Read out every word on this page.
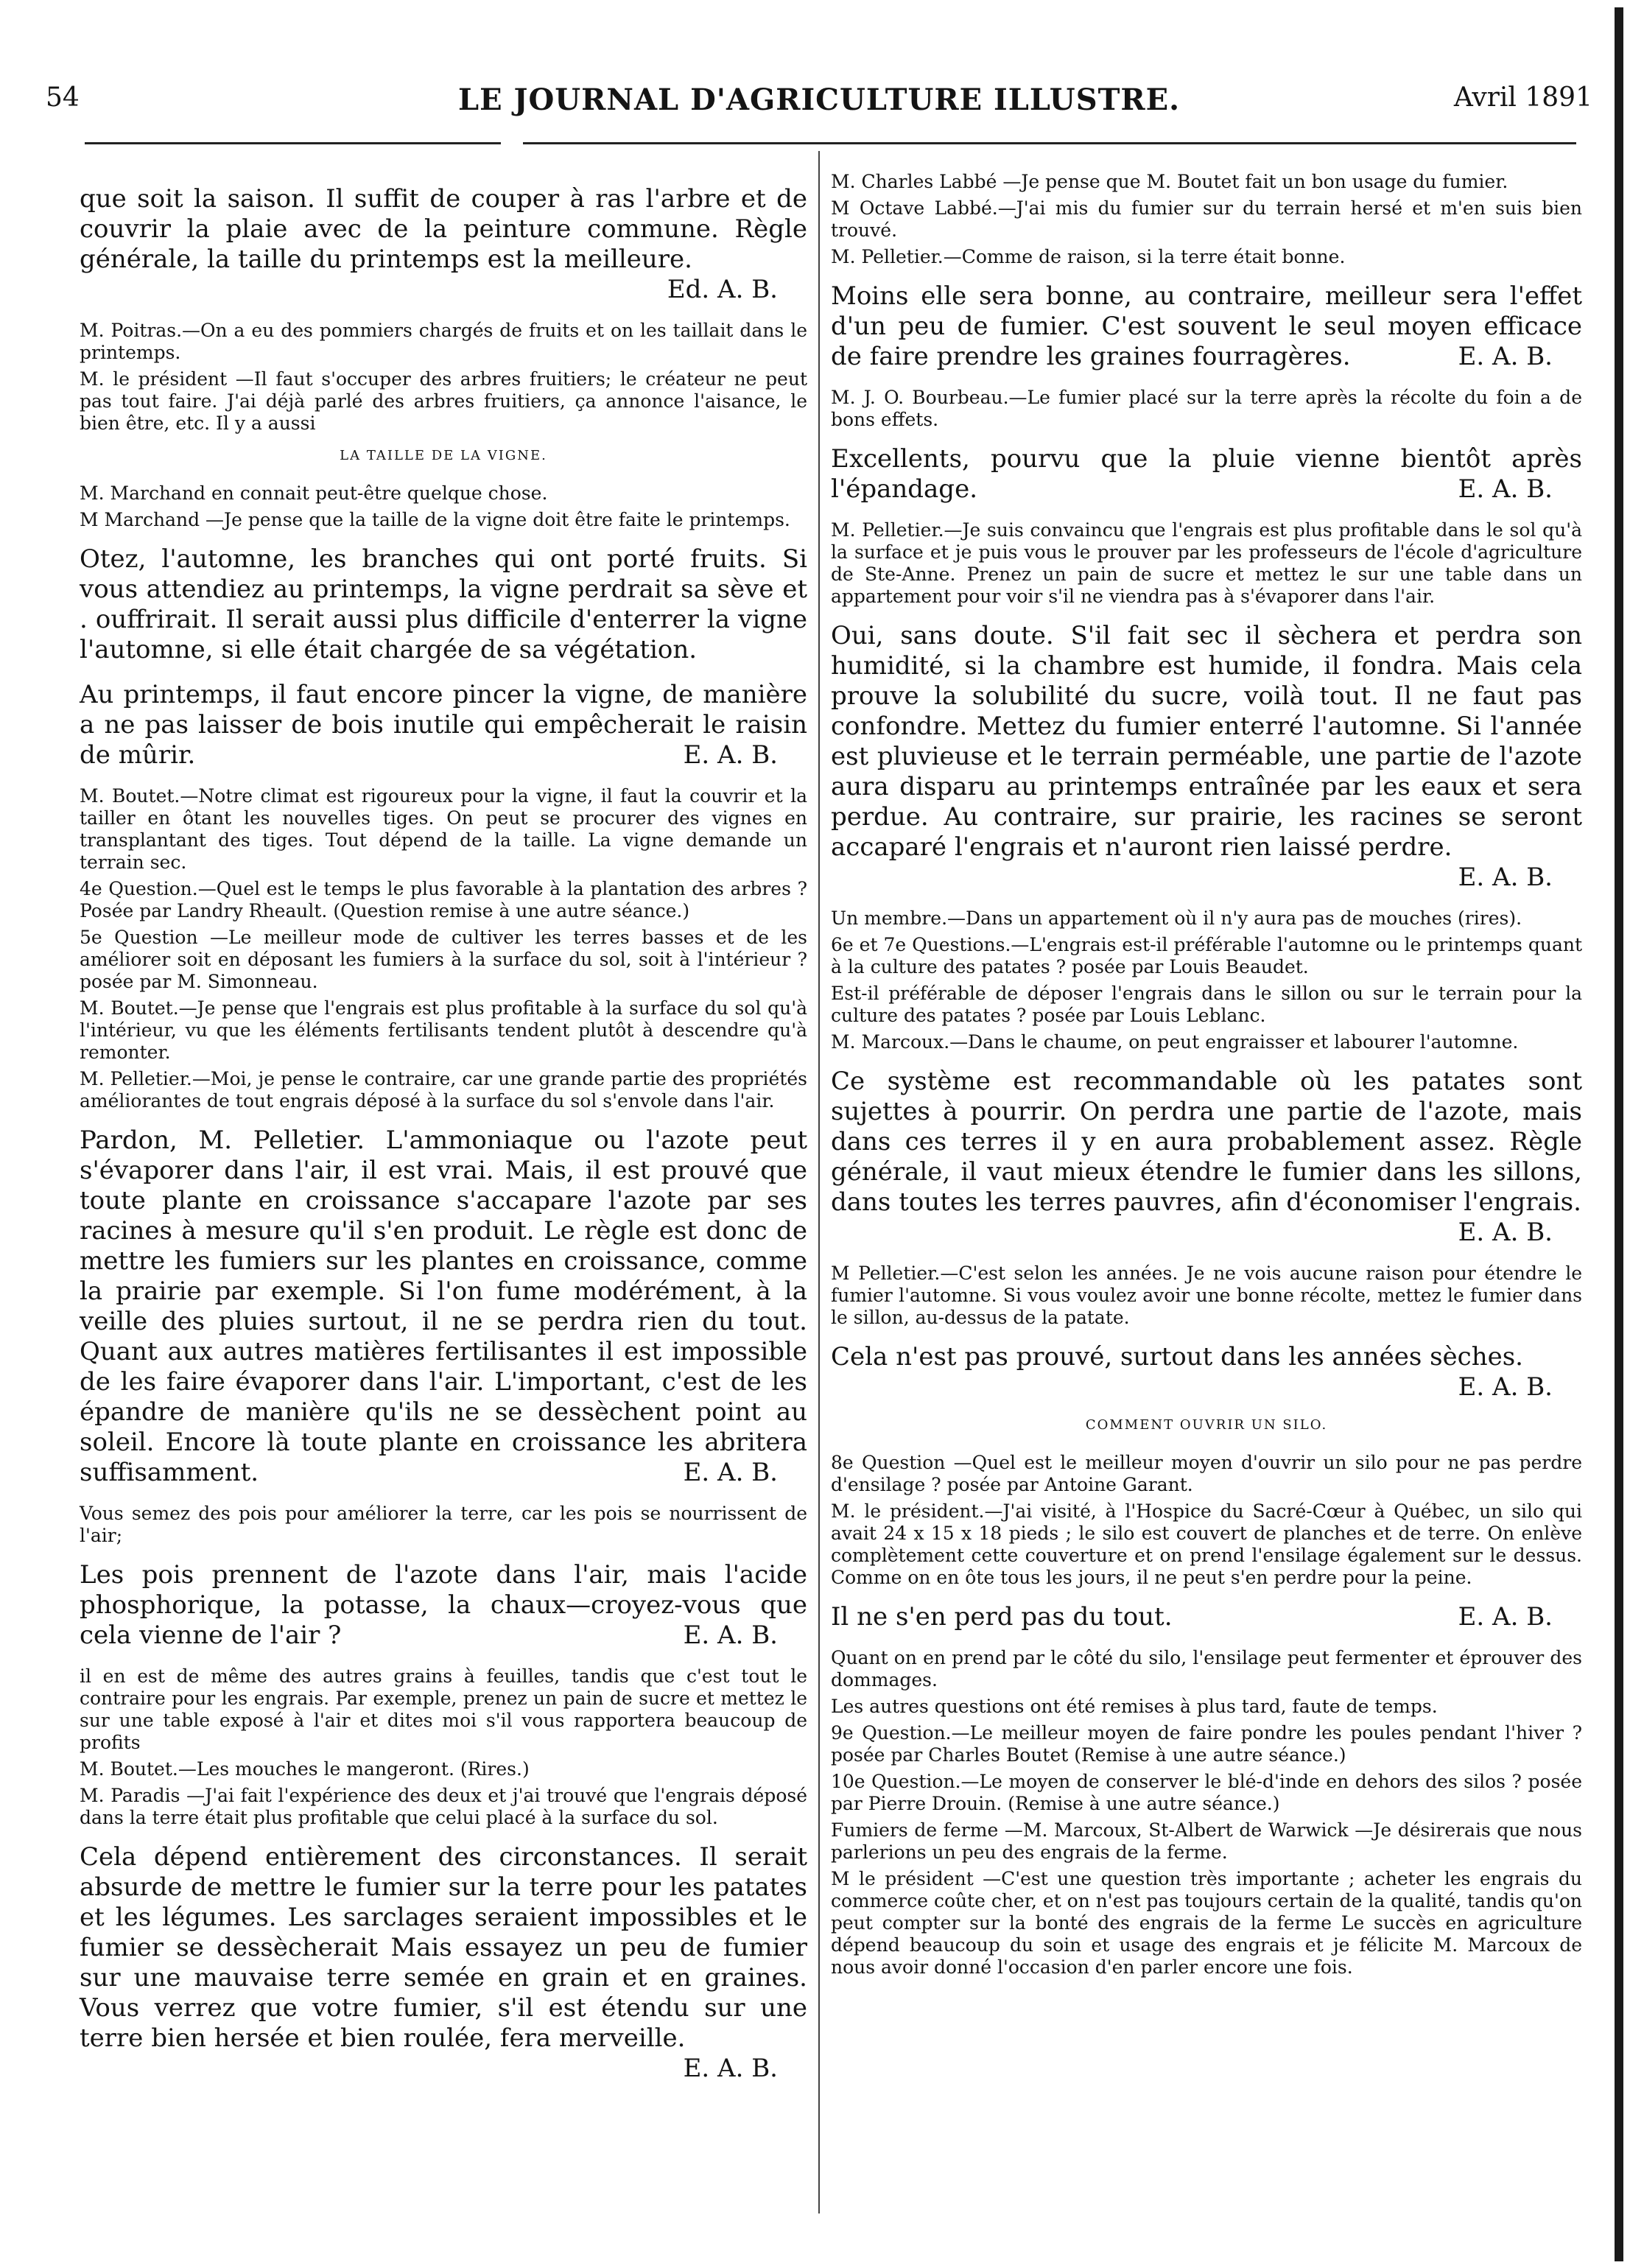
54	LE JOURNAL D'AGRICULTURE ILLUSTRE.	Avril 1891

que soit la saison. Il suffit de couper à ras l'arbre et de couvrir la plaie avec de la peinture commune. Règle générale, la taille du printemps est la meilleure.
Ed. A. B.

M. Poitras.—On a eu des pommiers chargés de fruits et on les taillait dans le printemps.

M. le président —Il faut s'occuper des arbres fruitiers; le créateur ne peut pas tout faire. J'ai déjà parlé des arbres fruitiers, ça annonce l'aisance, le bien être, etc. Il y a aussi

LA TAILLE DE LA VIGNE.

M. Marchand en connait peut-être quelque chose.

M Marchand —Je pense que la taille de la vigne doit être faite le printemps.

Otez, l'automne, les branches qui ont porté fruits. Si vous attendiez au printemps, la vigne perdrait sa sève et . ouffrirait. Il serait aussi plus difficile d'enterrer la vigne l'automne, si elle était chargée de sa végétation.

Au printemps, il faut encore pincer la vigne, de manière a ne pas laisser de bois inutile qui empêcherait le raisin de mûrir.	E. A. B.

M. Boutet.—Notre climat est rigoureux pour la vigne, il faut la couvrir et la tailler en ôtant les nouvelles tiges. On peut se procurer des vignes en transplantant des tiges. Tout dépend de la taille. La vigne demande un terrain sec.

4e Question.—Quel est le temps le plus favorable à la plantation des arbres ? Posée par Landry Rheault. (Question remise à une autre séance.)

5e Question —Le meilleur mode de cultiver les terres basses et de les améliorer soit en déposant les fumiers à la surface du sol, soit à l'intérieur ? posée par M. Simonneau.

M. Boutet.—Je pense que l'engrais est plus profitable à la surface du sol qu'à l'intérieur, vu que les éléments fertilisants tendent plutôt à descendre qu'à remonter.

M. Pelletier.—Moi, je pense le contraire, car une grande partie des propriétés améliorantes de tout engrais déposé à la surface du sol s'envole dans l'air.

Pardon, M. Pelletier. L'ammoniaque ou l'azote peut s'évaporer dans l'air, il est vrai. Mais, il est prouvé que toute plante en croissance s'accapare l'azote par ses racines à mesure qu'il s'en produit. Le règle est donc de mettre les fumiers sur les plantes en croissance, comme la prairie par exemple. Si l'on fume modérément, à la veille des pluies surtout, il ne se perdra rien du tout. Quant aux autres matières fertilisantes il est impossible de les faire évaporer dans l'air. L'important, c'est de les épandre de manière qu'ils ne se dessèchent point au soleil. Encore là toute plante en croissance les abritera suffisamment.	E. A. B.

Vous semez des pois pour améliorer la terre, car les pois se nourrissent de l'air;

Les pois prennent de l'azote dans l'air, mais l'acide phosphorique, la potasse, la chaux—croyez-vous que cela vienne de l'air ?	E. A. B.

il en est de même des autres grains à feuilles, tandis que c'est tout le contraire pour les engrais. Par exemple, prenez un pain de sucre et mettez le sur une table exposé à l'air et dites moi s'il vous rapportera beaucoup de profits

M. Boutet.—Les mouches le mangeront. (Rires.)

M. Paradis —J'ai fait l'expérience des deux et j'ai trouvé que l'engrais déposé dans la terre était plus profitable que celui placé à la surface du sol.

Cela dépend entièrement des circonstances. Il serait absurde de mettre le fumier sur la terre pour les patates et les légumes. Les sarclages seraient impossibles et le fumier se dessècherait Mais essayez un peu de fumier sur une mauvaise terre semée en grain et en graines. Vous verrez que votre fumier, s'il est étendu sur une terre bien hersée et bien roulée, fera merveille.
E. A. B.

M. Charles Labbé —Je pense que M. Boutet fait un bon usage du fumier.

M Octave Labbé.—J'ai mis du fumier sur du terrain hersé et m'en suis bien trouvé.

M. Pelletier.—Comme de raison, si la terre était bonne.

Moins elle sera bonne, au contraire, meilleur sera l'effet d'un peu de fumier. C'est souvent le seul moyen efficace de faire prendre les graines fourragères.	E. A. B.

M. J. O. Bourbeau.—Le fumier placé sur la terre après la récolte du foin a de bons effets.

Excellents, pourvu que la pluie vienne bientôt après l'épandage.	E. A. B.

M. Pelletier.—Je suis convaincu que l'engrais est plus profitable dans le sol qu'à la surface et je puis vous le prouver par les professeurs de l'école d'agriculture de Ste-Anne. Prenez un pain de sucre et mettez le sur une table dans un appartement pour voir s'il ne viendra pas à s'évaporer dans l'air.

Oui, sans doute. S'il fait sec il sèchera et perdra son humidité, si la chambre est humide, il fondra. Mais cela prouve la solubilité du sucre, voilà tout. Il ne faut pas confondre. Mettez du fumier enterré l'automne. Si l'année est pluvieuse et le terrain perméable, une partie de l'azote aura disparu au printemps entraînée par les eaux et sera perdue. Au contraire, sur prairie, les racines se seront accaparé l'engrais et n'auront rien laissé perdre.
E. A. B.

Un membre.—Dans un appartement où il n'y aura pas de mouches (rires).

6e et 7e Questions.—L'engrais est-il préférable l'automne ou le printemps quant à la culture des patates ? posée par Louis Beaudet.

Est-il préférable de déposer l'engrais dans le sillon ou sur le terrain pour la culture des patates ? posée par Louis Leblanc.

M. Marcoux.—Dans le chaume, on peut engraisser et labourer l'automne.

Ce système est recommandable où les patates sont sujettes à pourrir. On perdra une partie de l'azote, mais dans ces terres il y en aura probablement assez. Règle générale, il vaut mieux étendre le fumier dans les sillons, dans toutes les terres pauvres, afin d'économiser l'engrais.
E. A. B.

M Pelletier.—C'est selon les années. Je ne vois aucune raison pour étendre le fumier l'automne. Si vous voulez avoir une bonne récolte, mettez le fumier dans le sillon, au-dessus de la patate.

Cela n'est pas prouvé, surtout dans les années sèches.
E. A. B.

COMMENT OUVRIR UN SILO.

8e Question —Quel est le meilleur moyen d'ouvrir un silo pour ne pas perdre d'ensilage ? posée par Antoine Garant.

M. le président.—J'ai visité, à l'Hospice du Sacré-Cœur à Québec, un silo qui avait 24 x 15 x 18 pieds ; le silo est couvert de planches et de terre. On enlève complètement cette couverture et on prend l'ensilage également sur le dessus. Comme on en ôte tous les jours, il ne peut s'en perdre pour la peine.

Il ne s'en perd pas du tout.	E. A. B.

Quant on en prend par le côté du silo, l'ensilage peut fermenter et éprouver des dommages.

Les autres questions ont été remises à plus tard, faute de temps.

9e Question.—Le meilleur moyen de faire pondre les poules pendant l'hiver ? posée par Charles Boutet (Remise à une autre séance.)

10e Question.—Le moyen de conserver le blé-d'inde en dehors des silos ? posée par Pierre Drouin. (Remise à une autre séance.)

Fumiers de ferme —M. Marcoux, St-Albert de Warwick —Je désirerais que nous parlerions un peu des engrais de la ferme.

M le président —C'est une question très importante ; acheter les engrais du commerce coûte cher, et on n'est pas toujours certain de la qualité, tandis qu'on peut compter sur la bonté des engrais de la ferme Le succès en agriculture dépend beaucoup du soin et usage des engrais et je félicite M. Marcoux de nous avoir donné l'occasion d'en parler encore une fois.
